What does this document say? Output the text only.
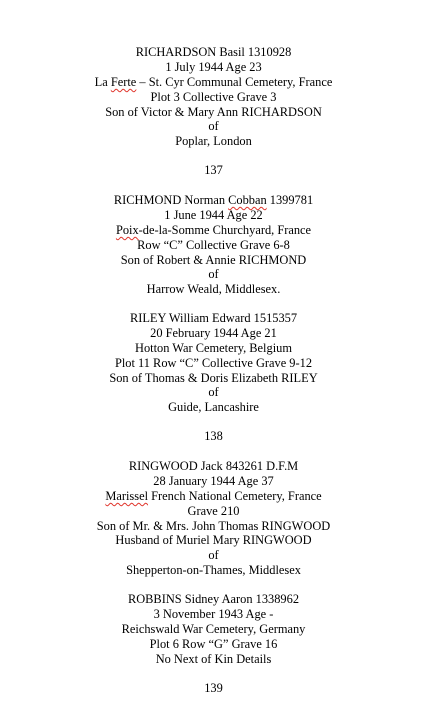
RICHARDSON Basil 1310928
1 July 1944 Age 23
La Ferte – St. Cyr Communal Cemetery, France
Plot 3 Collective Grave 3
Son of Victor & Mary Ann RICHARDSON
of
Poplar, London
137
RICHMOND Norman Cobban 1399781
1 June 1944 Age 22
Poix-de-la-Somme Churchyard, France
Row “C” Collective Grave 6-8
Son of Robert & Annie RICHMOND
of
Harrow Weald, Middlesex.
RILEY William Edward 1515357
20 February 1944 Age 21
Hotton War Cemetery, Belgium
Plot 11 Row “C” Collective Grave 9-12
Son of Thomas & Doris Elizabeth RILEY
of
Guide, Lancashire
138
RINGWOOD Jack 843261 D.F.M
28 January 1944 Age 37
Marissel French National Cemetery, France
Grave 210
Son of Mr. & Mrs. John Thomas RINGWOOD
Husband of Muriel Mary RINGWOOD
of
Shepperton-on-Thames, Middlesex
ROBBINS Sidney Aaron 1338962
3 November 1943 Age -
Reichswald War Cemetery, Germany
Plot 6 Row “G” Grave 16
No Next of Kin Details
139
